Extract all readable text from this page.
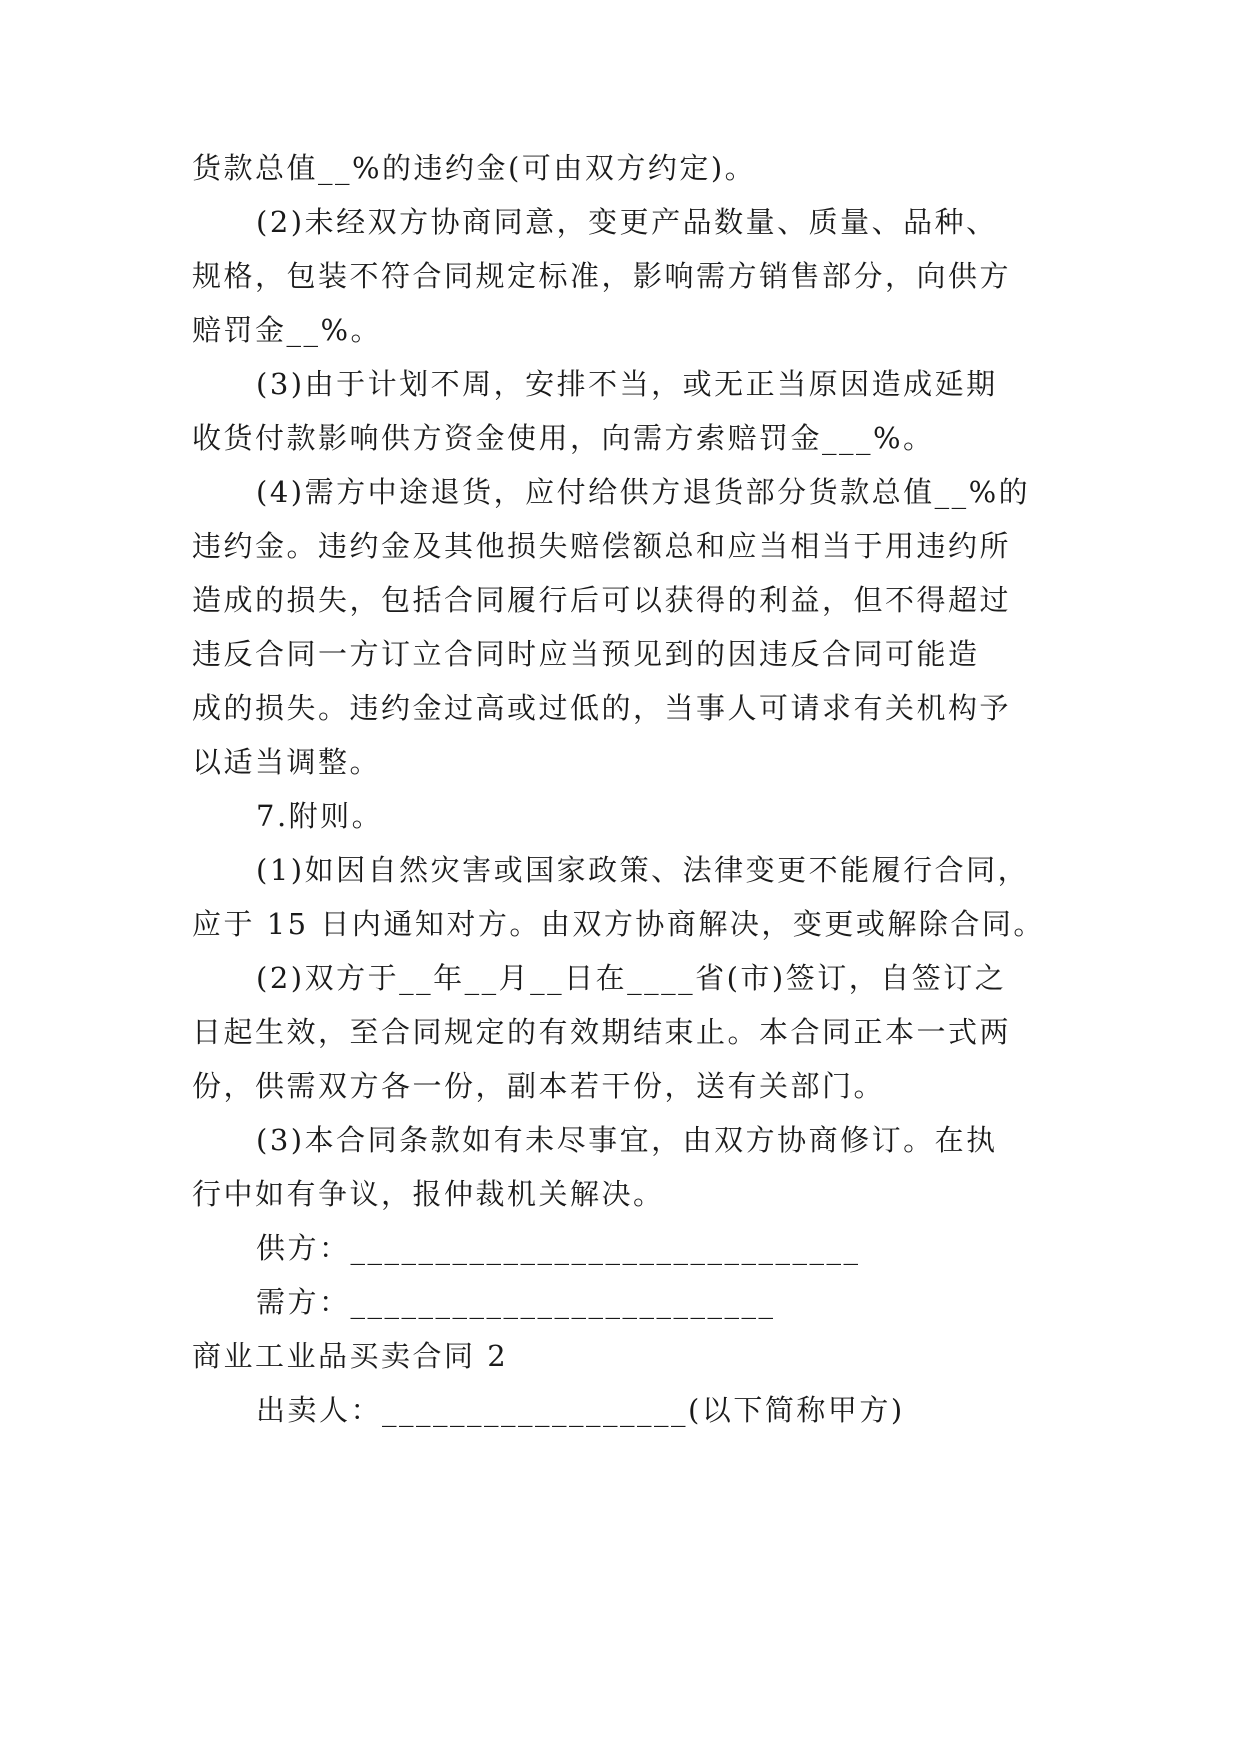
货款总值__%的违约金(可由双方约定)。
(2)未经双方协商同意，变更产品数量、质量、品种、
规格，包装不符合同规定标准，影响需方销售部分，向供方
赔罚金__%。
(3)由于计划不周，安排不当，或无正当原因造成延期
收货付款影响供方资金使用，向需方索赔罚金___%。
(4)需方中途退货，应付给供方退货部分货款总值__%的
违约金。违约金及其他损失赔偿额总和应当相当于用违约所
造成的损失，包括合同履行后可以获得的利益，但不得超过
违反合同一方订立合同时应当预见到的因违反合同可能造
成的损失。违约金过高或过低的，当事人可请求有关机构予
以适当调整。
7.附则。
(1)如因自然灾害或国家政策、法律变更不能履行合同，
应于 15 日内通知对方。由双方协商解决，变更或解除合同。
(2)双方于__年__月__日在____省(市)签订，自签订之
日起生效，至合同规定的有效期结束止。本合同正本一式两
份，供需双方各一份，副本若干份，送有关部门。
(3)本合同条款如有未尽事宜，由双方协商修订。在执
行中如有争议，报仲裁机关解决。
供方：______________________________
需方：_________________________
商业工业品买卖合同 2
出卖人：__________________(以下简称甲方)
